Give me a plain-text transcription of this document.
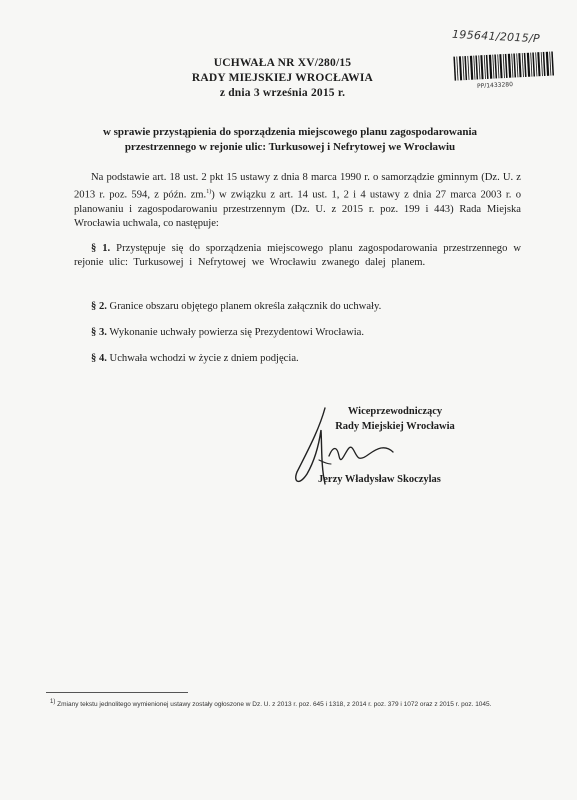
195641/2015/P
PP/1433280
UCHWAŁA NR XV/280/15
RADY MIEJSKIEJ WROCŁAWIA
z dnia 3 września 2015 r.
w sprawie przystąpienia do sporządzenia miejscowego planu zagospodarowania
przestrzennego w rejonie ulic: Turkusowej i Nefrytowej we Wrocławiu
Na podstawie art. 18 ust. 2 pkt 15 ustawy z dnia 8 marca 1990 r. o samorządzie gminnym (Dz. U. z 2013 r. poz. 594, z późn. zm.$^{1)}$) w związku z art. 14 ust. 1, 2 i 4 ustawy z dnia 27 marca 2003 r. o planowaniu i zagospodarowaniu przestrzennym (Dz. U. z 2015 r. poz. 199 i 443) Rada Miejska Wrocławia uchwala, co następuje:
§ 1. Przystępuje się do sporządzenia miejscowego planu zagospodarowania przestrzennego w rejonie ulic: Turkusowej i Nefrytowej we Wrocławiu zwanego dalej planem.
§ 2. Granice obszaru objętego planem określa załącznik do uchwały.
§ 3. Wykonanie uchwały powierza się Prezydentowi Wrocławia.
§ 4. Uchwała wchodzi w życie z dniem podjęcia.
Wiceprzewodniczący
Rady Miejskiej Wrocławia
Jerzy Władysław Skoczylas
$^{1)}$ Zmiany tekstu jednolitego wymienionej ustawy zostały ogłoszone w Dz. U. z 2013 r. poz. 645 i 1318, z 2014 r. poz. 379 i 1072 oraz z 2015 r. poz. 1045.
